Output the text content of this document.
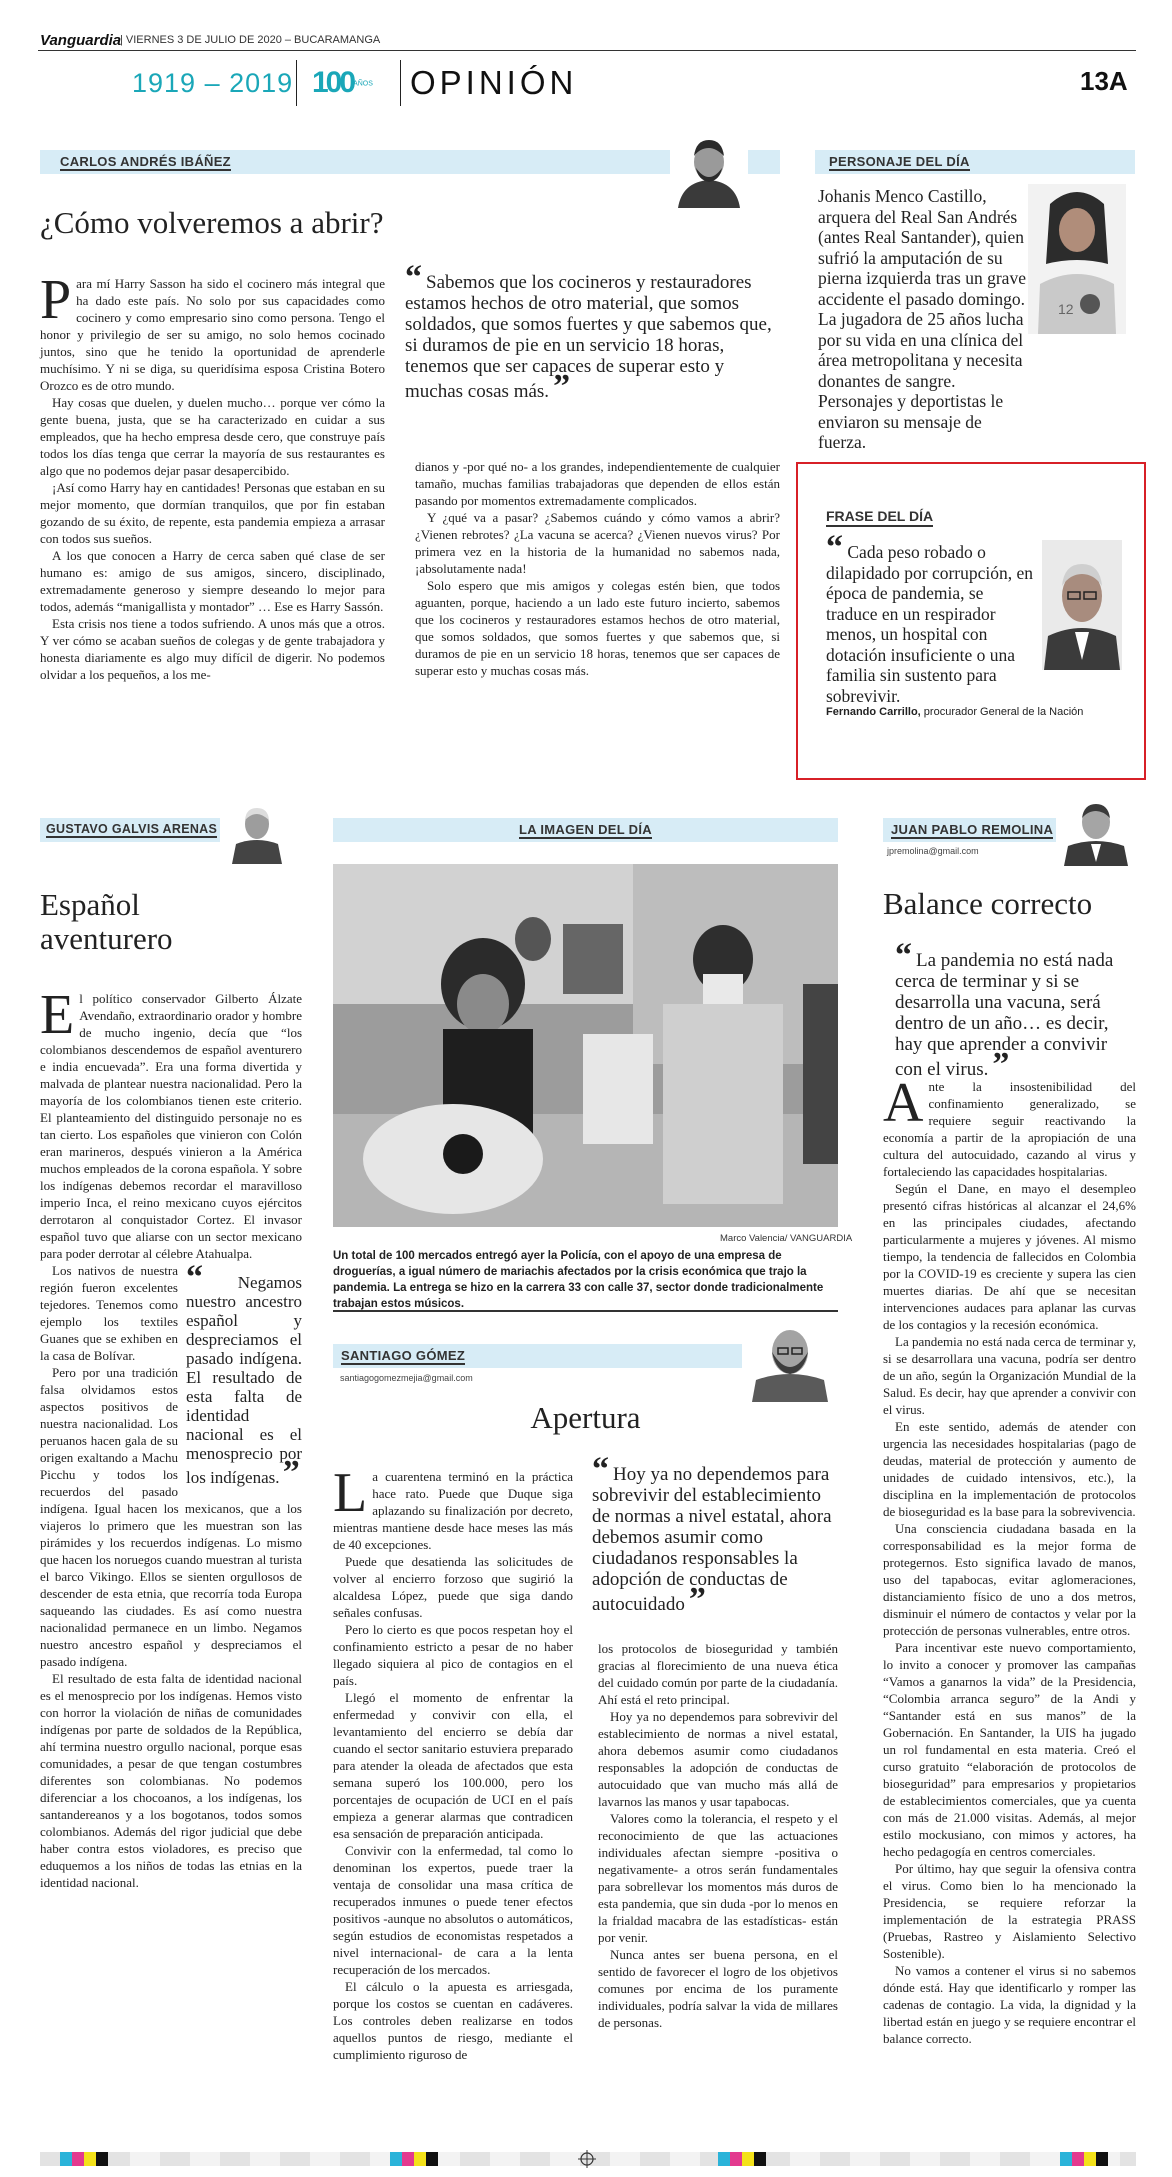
Vanguardia
| VIERNES 3 DE JULIO DE 2020 – BUCARAMANGA
1919 – 2019 100AÑOS OPINIÓN	13A
CARLOS ANDRÉS IBÁÑEZ
¿Cómo volveremos a abrir?

Para mí Harry Sasson ha sido el cocinero más integral que ha dado este país. No solo por sus capacidades como cocinero y como empresario sino como persona. Tengo el honor y privilegio de ser su amigo, no solo hemos cocinado juntos, sino que he tenido la oportunidad de aprenderle muchísimo. Y ni se diga, su queridísima esposa Cristina Botero Orozco es de otro mundo.

Hay cosas que duelen, y duelen mucho… porque ver cómo la gente buena, justa, que se ha caracterizado en cuidar a sus empleados, que ha hecho empresa desde cero, que construye país todos los días tenga que cerrar la mayoría de sus restaurantes es algo que no podemos dejar pasar desapercibido.

¡Así como Harry hay en cantidades! Personas que estaban en su mejor momento, que dormían tranquilos, que por fin estaban gozando de su éxito, de repente, esta pandemia empieza a arrasar con todos sus sueños.

A los que conocen a Harry de cerca saben qué clase de ser humano es: amigo de sus amigos, sincero, disciplinado, extremadamente generoso y siempre deseando lo mejor para todos, además “manigallista y montador” … Ese es Harry Sassón.

Esta crisis nos tiene a todos sufriendo. A unos más que a otros. Y ver cómo se acaban sueños de colegas y de gente trabajadora y honesta diariamente es algo muy difícil de digerir. No podemos olvidar a los pequeños, a los me-

“ Sabemos que los cocineros y restauradores estamos hechos de otro material, que somos soldados, que somos fuertes y que sabemos que, si duramos de pie en un servicio 18 horas, tenemos que ser capaces de superar esto y muchas cosas más. ”

dianos y -por qué no- a los grandes, independientemente de cualquier tamaño, muchas familias trabajadoras que dependen de ellos están pasando por momentos extremadamente complicados.

Y ¿qué va a pasar? ¿Sabemos cuándo y cómo vamos a abrir? ¿Vienen rebrotes? ¿La vacuna se acerca? ¿Vienen nuevos virus? Por primera vez en la historia de la humanidad no sabemos nada, ¡absolutamente nada!

Solo espero que mis amigos y colegas estén bien, que todos aguanten, porque, haciendo a un lado este futuro incierto, sabemos que los cocineros y restauradores estamos hechos de otro material, que somos soldados, que somos fuertes y que sabemos que, si duramos de pie en un servicio 18 horas, tenemos que ser capaces de superar esto y muchas cosas más.

PERSONAJE DEL DÍA
12
Johanis Menco Castillo, arquera del Real San Andrés (antes Real Santander), quien sufrió la amputación de su pierna izquierda tras un grave accidente el pasado domingo. La jugadora de 25 años lucha por su vida en una clínica del área metropolitana y necesita donantes de sangre. Personajes y deportistas le enviaron su mensaje de fuerza.
FRASE DEL DÍA
“ Cada peso robado o dilapidado por corrupción, en época de pandemia, se traduce en un respirador menos, un hospital con dotación insuficiente o una familia sin sustento para sobrevivir.
Fernando Carrillo, procurador General de la Nación
GUSTAVO GALVIS ARENAS
Español aventurero

El político conservador Gilberto Álzate Avendaño, extraordinario orador y hombre de mucho ingenio, decía que “los colombianos descendemos de español aventurero e india encuevada”. Era una forma divertida y malvada de plantear nuestra nacionalidad. Pero la mayoría de los colombianos tienen este criterio. El planteamiento del distinguido personaje no es tan cierto. Los españoles que vinieron con Colón eran marineros, después vinieron a la América muchos empleados de la corona española. Y sobre los indígenas debemos recordar el maravilloso imperio Inca, el reino mexicano cuyos ejércitos derrotaron al conquistador Cortez. El invasor español tuvo que aliarse con un sector mexicano para poder derrotar al célebre Atahualpa.

“ Negamos nuestro ancestro español y despreciamos el pasado indígena. El resultado de esta falta de identidad nacional es el menosprecio por los indígenas. ”

Los nativos de nuestra región fueron excelentes tejedores. Tenemos como ejemplo los textiles Guanes que se exhiben en la casa de Bolívar.

Pero por una tradición falsa olvidamos estos aspectos positivos de nuestra nacionalidad. Los peruanos hacen gala de su origen exaltando a Machu Picchu y todos los recuerdos del pasado indígena. Igual hacen los mexicanos, que a los viajeros lo primero que les muestran son las pirámides y los recuerdos indígenas. Lo mismo que hacen los noruegos cuando muestran al turista el barco Vikingo. Ellos se sienten orgullosos de descender de esta etnia, que recorría toda Europa saqueando las ciudades. Es así como nuestra nacionalidad permanece en un limbo. Negamos nuestro ancestro español y despreciamos el pasado indígena.

El resultado de esta falta de identidad nacional es el menosprecio por los indígenas. Hemos visto con horror la violación de niñas de comunidades indígenas por parte de soldados de la República, ahí termina nuestro orgullo nacional, porque esas comunidades, a pesar de que tengan costumbres diferentes son colombianas. No podemos diferenciar a los chocoanos, a los indígenas, los santandereanos y a los bogotanos, todos somos colombianos. Además del rigor judicial que debe haber contra estos violadores, es preciso que eduquemos a los niños de todas las etnias en la identidad nacional.

LA IMAGEN DEL DÍA
Marco Valencia/ VANGUARDIA
Un total de 100 mercados entregó ayer la Policía, con el apoyo de una empresa de droguerías, a igual número de mariachis afectados por la crisis económica que trajo la pandemia. La entrega se hizo en la carrera 33 con calle 37, sector donde tradicionalmente trabajan estos músicos.
SANTIAGO GÓMEZ
santiagogomezmejia@gmail.com
Apertura

La cuarentena terminó en la práctica hace rato. Puede que Duque siga aplazando su finalización por decreto, mientras mantiene desde hace meses las más de 40 excepciones.

Puede que desatienda las solicitudes de volver al encierro forzoso que sugirió la alcaldesa López, puede que siga dando señales confusas.

Pero lo cierto es que pocos respetan hoy el confinamiento estricto a pesar de no haber llegado siquiera al pico de contagios en el país.

Llegó el momento de enfrentar la enfermedad y convivir con ella, el levantamiento del encierro se debía dar cuando el sector sanitario estuviera preparado para atender la oleada de afectados que esta semana superó los 100.000, pero los porcentajes de ocupación de UCI en el país empieza a generar alarmas que contradicen esa sensación de preparación anticipada.

Convivir con la enfermedad, tal como lo denominan los expertos, puede traer la ventaja de consolidar una masa crítica de recuperados inmunes o puede tener efectos positivos -aunque no absolutos o automáticos, según estudios de economistas respetados a nivel internacional- de cara a la lenta recuperación de los mercados.

El cálculo o la apuesta es arriesgada, porque los costos se cuentan en cadáveres. Los controles deben realizarse en todos aquellos puntos de riesgo, mediante el cumplimiento riguroso de

“ Hoy ya no dependemos para sobrevivir del establecimiento de normas a nivel estatal, ahora debemos asumir como ciudadanos responsables la adopción de conductas de autocuidado ”

los protocolos de bioseguridad y también gracias al florecimiento de una nueva ética del cuidado común por parte de la ciudadanía. Ahí está el reto principal.

Hoy ya no dependemos para sobrevivir del establecimiento de normas a nivel estatal, ahora debemos asumir como ciudadanos responsables la adopción de conductas de autocuidado que van mucho más allá de lavarnos las manos y usar tapabocas.

Valores como la tolerancia, el respeto y el reconocimiento de que las actuaciones individuales afectan siempre -positiva o negativamente- a otros serán fundamentales para sobrellevar los momentos más duros de esta pandemia, que sin duda -por lo menos en la frialdad macabra de las estadísticas- están por venir.

Nunca antes ser buena persona, en el sentido de favorecer el logro de los objetivos comunes por encima de los puramente individuales, podría salvar la vida de millares de personas.

JUAN PABLO REMOLINA
jpremolina@gmail.com
Balance correcto
“ La pandemia no está nada cerca de terminar y si se desarrolla una vacuna, será dentro de un año… es decir, hay que aprender a convivir con el virus. ”

Ante la insostenibilidad del confinamiento generalizado, se requiere seguir reactivando la economía a partir de la apropiación de una cultura del autocuidado, cazando al virus y fortaleciendo las capacidades hospitalarias.

Según el Dane, en mayo el desempleo presentó cifras históricas al alcanzar el 24,6% en las principales ciudades, afectando particularmente a mujeres y jóvenes. Al mismo tiempo, la tendencia de fallecidos en Colombia por la COVID-19 es creciente y supera las cien muertes diarias. De ahí que se necesitan intervenciones audaces para aplanar las curvas de los contagios y la recesión económica.

La pandemia no está nada cerca de terminar y, si se desarrollara una vacuna, podría ser dentro de un año, según la Organización Mundial de la Salud. Es decir, hay que aprender a convivir con el virus.

En este sentido, además de atender con urgencia las necesidades hospitalarias (pago de deudas, material de protección y aumento de unidades de cuidado intensivos, etc.), la disciplina en la implementación de protocolos de bioseguridad es la base para la sobrevivencia.

Una consciencia ciudadana basada en la corresponsabilidad es la mejor forma de protegernos. Esto significa lavado de manos, uso del tapabocas, evitar aglomeraciones, distanciamiento físico de uno a dos metros, disminuir el número de contactos y velar por la protección de personas vulnerables, entre otros.

Para incentivar este nuevo comportamiento, lo invito a conocer y promover las campañas “Vamos a ganarnos la vida” de la Presidencia, “Colombia arranca seguro” de la Andi y “Santander está en sus manos” de la Gobernación. En Santander, la UIS ha jugado un rol fundamental en esta materia. Creó el curso gratuito “elaboración de protocolos de bioseguridad” para empresarios y propietarios de establecimientos comerciales, que ya cuenta con más de 21.000 visitas. Además, al mejor estilo mockusiano, con mimos y actores, ha hecho pedagogía en centros comerciales.

Por último, hay que seguir la ofensiva contra el virus. Como bien lo ha mencionado la Presidencia, se requiere reforzar la implementación de la estrategia PRASS (Pruebas, Rastreo y Aislamiento Selectivo Sostenible).

No vamos a contener el virus si no sabemos dónde está. Hay que identificarlo y romper las cadenas de contagio. La vida, la dignidad y la libertad están en juego y se requiere encontrar el balance correcto.
